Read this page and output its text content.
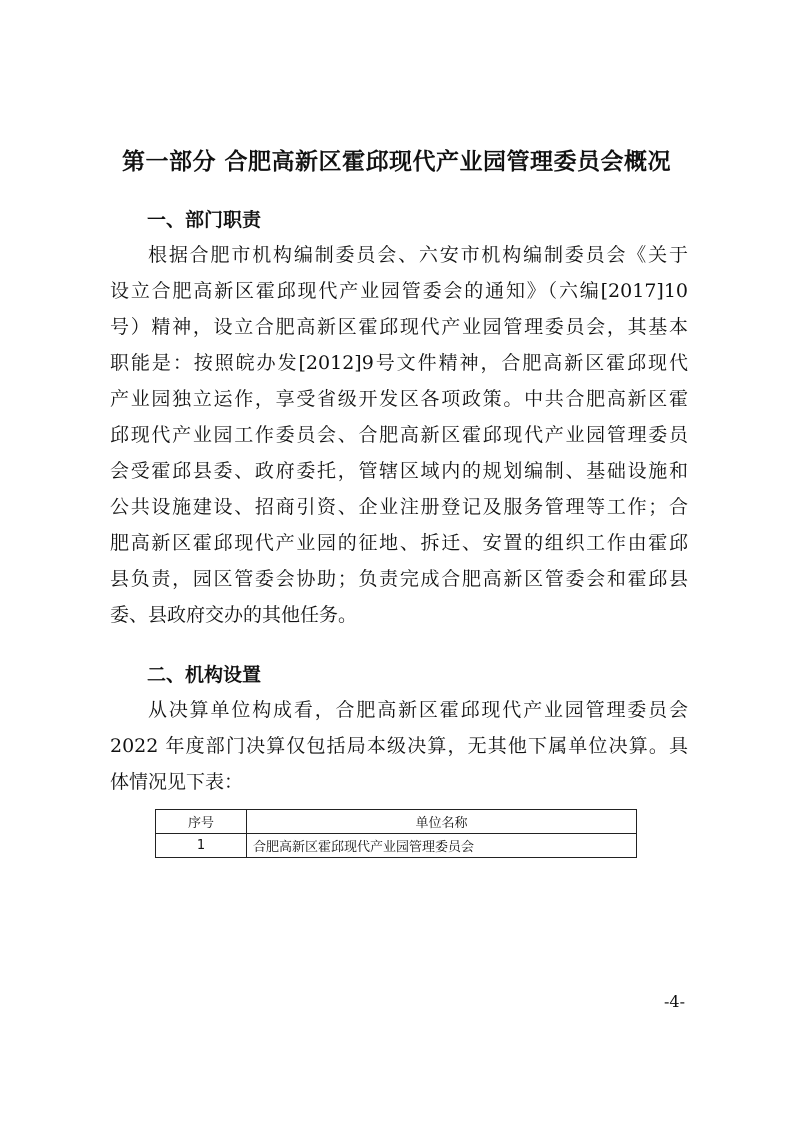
第一部分 合肥高新区霍邱现代产业园管理委员会概况
一、部门职责
根据合肥市机构编制委员会、六安市机构编制委员会《关于
设立合肥高新区霍邱现代产业园管委会的通知》（六编[2017]10
号）精神，设立合肥高新区霍邱现代产业园管理委员会，其基本
职能是：按照皖办发[2012]9号文件精神，合肥高新区霍邱现代
产业园独立运作，享受省级开发区各项政策。中共合肥高新区霍
邱现代产业园工作委员会、合肥高新区霍邱现代产业园管理委员
会受霍邱县委、政府委托，管辖区域内的规划编制、基础设施和
公共设施建设、招商引资、企业注册登记及服务管理等工作；合
肥高新区霍邱现代产业园的征地、拆迁、安置的组织工作由霍邱
县负责，园区管委会协助；负责完成合肥高新区管委会和霍邱县
委、县政府交办的其他任务。
二、机构设置
从决算单位构成看，合肥高新区霍邱现代产业园管理委员会
2022 年度部门决算仅包括局本级决算，无其他下属单位决算。具
体情况见下表：
序号	单位名称
1	合肥高新区霍邱现代产业园管理委员会
-4-
